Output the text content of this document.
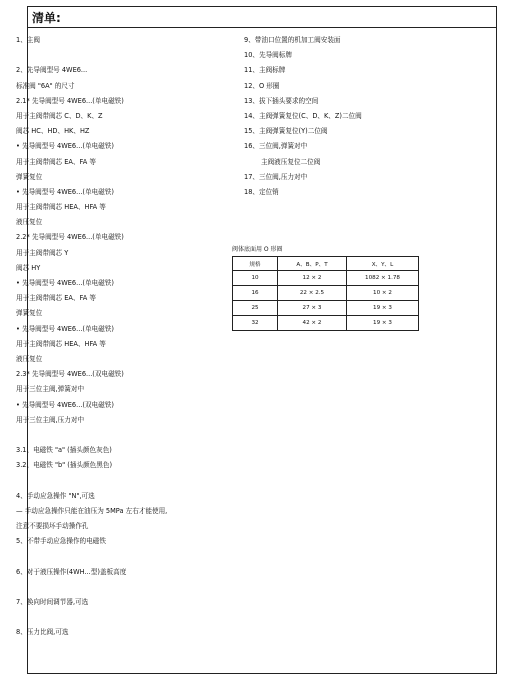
清单:
1、主阀
2、先导阀型号 4WE6...
标准阀 "6A" 的尺寸
2.1* 先导阀型号 4WE6...(单电磁铁)
用于主阀带阀芯 C、D、K、Z
阀芯 HC、HD、HK、HZ
• 先导阀型号 4WE6...(单电磁铁)
用于主阀带阀芯 EA、FA 等
弹簧复位
• 先导阀型号 4WE6...(单电磁铁)
用于主阀带阀芯 HEA、HFA 等
液压复位
2.2* 先导阀型号 4WE6...(单电磁铁)
用于主阀带阀芯 Y
阀芯 HY
• 先导阀型号 4WE6...(单电磁铁)
用于主阀带阀芯 EA、FA 等
弹簧复位
• 先导阀型号 4WE6...(单电磁铁)
用于主阀带阀芯 HEA、HFA 等
液压复位
2.3* 先导阀型号 4WE6...(双电磁铁)
用于三位主阀,弹簧对中
• 先导阀型号 4WE6...(双电磁铁)
用于三位主阀,压力对中
3.1、电磁铁 "a" (插头颜色灰色)
3.2、电磁铁 "b" (插头颜色黑色)
4、手动应急操作 "N",可选
— 手动应急操作只能在油压为 5MPa 左右才能使用,
注意不要损坏手动操作孔
5、不带手动应急操作的电磁铁
6、对于液压操作(4WH...型)盖板高度
7、换向时间调节器,可选
8、压力比阀,可选
9、带油口位置的机加工阀安装面
10、先导阀标牌
11、主阀标牌
12、O 形圈
13、拔下插头要求的空间
14、主阀弹簧复位(C、D、K、Z)二位阀
15、主阀弹簧复位(Y)二位阀
16、三位阀,弹簧对中
主阀液压复位二位阀
17、三位阀,压力对中
18、定位销
阀体底面用 O 形圈
规格	A、B、P、T	X、Y、L
10	12 × 2	1082 × 1.78
16	22 × 2.5	10 × 2
25	27 × 3	19 × 3
32	42 × 2	19 × 3
